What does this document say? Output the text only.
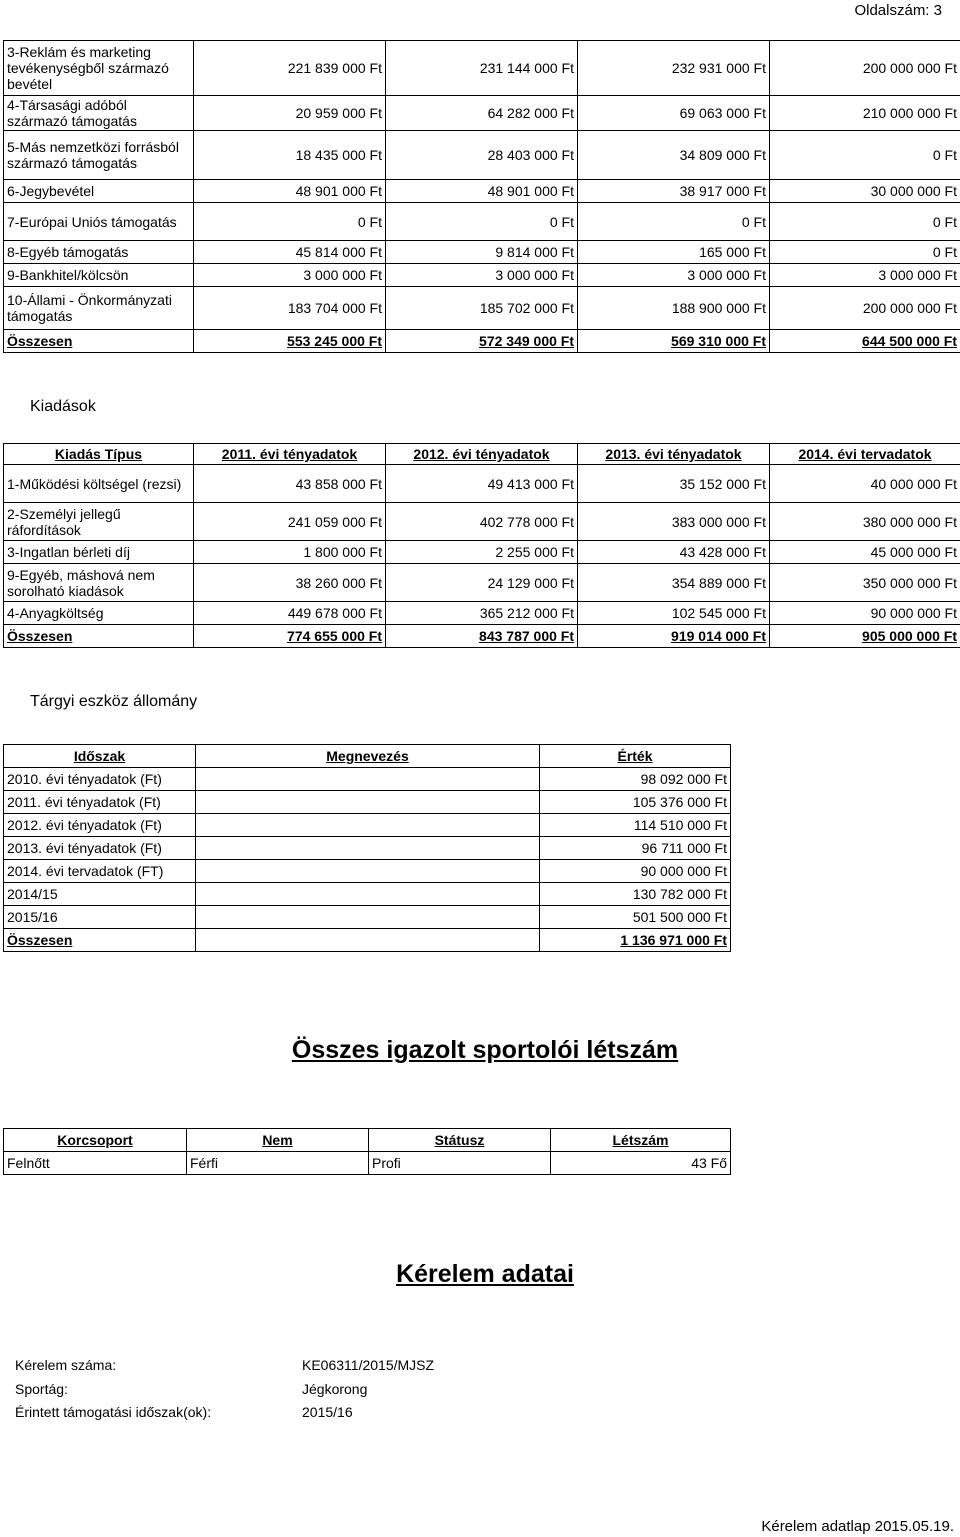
Oldalszám: 3
3-Reklám és marketing tevékenységből származó bevétel	221 839 000 Ft	231 144 000 Ft	232 931 000 Ft	200 000 000 Ft
4-Társasági adóból származó támogatás	20 959 000 Ft	64 282 000 Ft	69 063 000 Ft	210 000 000 Ft
5-Más nemzetközi forrásból származó támogatás	18 435 000 Ft	28 403 000 Ft	34 809 000 Ft	0 Ft
6-Jegybevétel	48 901 000 Ft	48 901 000 Ft	38 917 000 Ft	30 000 000 Ft
7-Európai Uniós támogatás	0 Ft	0 Ft	0 Ft	0 Ft
8-Egyéb támogatás	45 814 000 Ft	9 814 000 Ft	165 000 Ft	0 Ft
9-Bankhitel/kölcsön	3 000 000 Ft	3 000 000 Ft	3 000 000 Ft	3 000 000 Ft
10-Állami - Önkormányzati támogatás	183 704 000 Ft	185 702 000 Ft	188 900 000 Ft	200 000 000 Ft
Összesen	553 245 000 Ft	572 349 000 Ft	569 310 000 Ft	644 500 000 Ft
Kiadások
Kiadás Típus	2011. évi tényadatok	2012. évi tényadatok	2013. évi tényadatok	2014. évi tervadatok
1-Működési költségel (rezsi)	43 858 000 Ft	49 413 000 Ft	35 152 000 Ft	40 000 000 Ft
2-Személyi jellegű ráfordítások	241 059 000 Ft	402 778 000 Ft	383 000 000 Ft	380 000 000 Ft
3-Ingatlan bérleti díj	1 800 000 Ft	2 255 000 Ft	43 428 000 Ft	45 000 000 Ft
9-Egyéb, máshová nem sorolható kiadások	38 260 000 Ft	24 129 000 Ft	354 889 000 Ft	350 000 000 Ft
4-Anyagköltség	449 678 000 Ft	365 212 000 Ft	102 545 000 Ft	90 000 000 Ft
Összesen	774 655 000 Ft	843 787 000 Ft	919 014 000 Ft	905 000 000 Ft
Tárgyi eszköz állomány
Időszak	Megnevezés	Érték
2010. évi tényadatok (Ft)		98 092 000 Ft
2011. évi tényadatok (Ft)		105 376 000 Ft
2012. évi tényadatok (Ft)		114 510 000 Ft
2013. évi tényadatok (Ft)		96 711 000 Ft
2014. évi tervadatok (FT)		90 000 000 Ft
2014/15		130 782 000 Ft
2015/16		501 500 000 Ft
Összesen		1 136 971 000 Ft
Összes igazolt sportolói létszám
Korcsoport	Nem	Státusz	Létszám
Felnőtt	Férfi	Profi	43 Fő
Kérelem adatai
Kérelem száma:	KE06311/2015/MJSZ
Sportág:	Jégkorong
Érintett támogatási időszak(ok):	2015/16
Kérelem adatlap 2015.05.19.
